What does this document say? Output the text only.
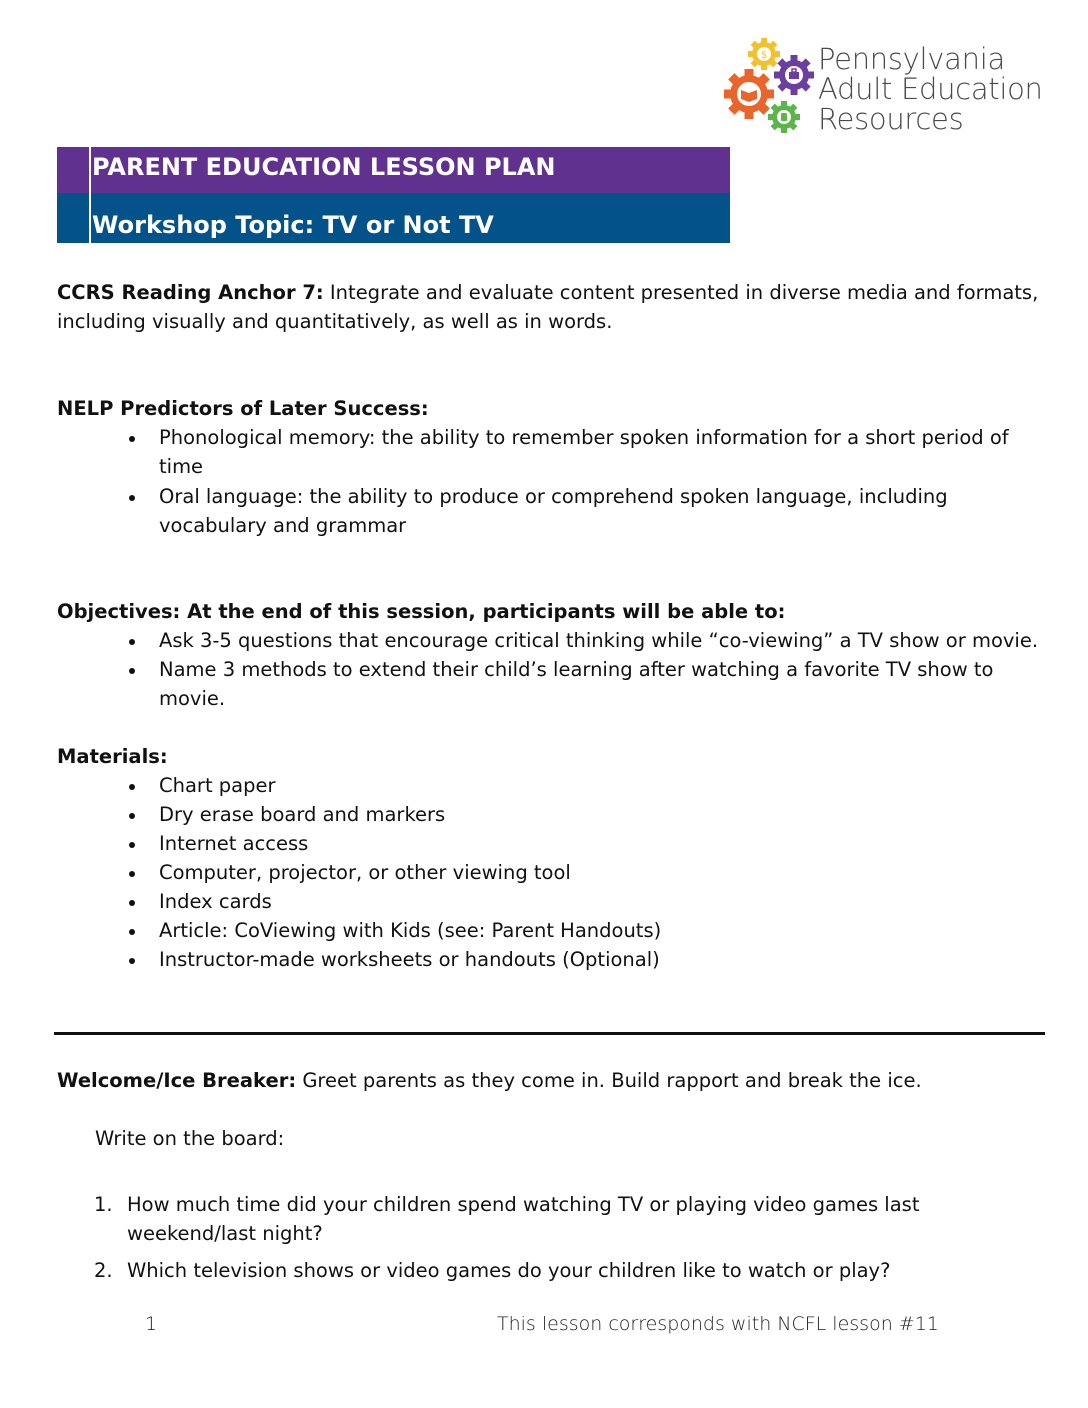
$ Pennsylvania
Adult Education
Resources
PARENT EDUCATION LESSON PLAN
Workshop Topic: TV or Not TV
CCRS Reading Anchor 7: Integrate and evaluate content presented in diverse media and formats, including visually and quantitatively, as well as in words.
NELP Predictors of Later Success:
Phonological memory: the ability to remember spoken information for a short period of time
Oral language: the ability to produce or comprehend spoken language, including vocabulary and grammar
Objectives: At the end of this session, participants will be able to:
Ask 3-5 questions that encourage critical thinking while “co-viewing” a TV show or movie.
Name 3 methods to extend their child’s learning after watching a favorite TV show to movie.
Materials:
Chart paper
Dry erase board and markers
Internet access
Computer, projector, or other viewing tool
Index cards
Article: CoViewing with Kids (see: Parent Handouts)
Instructor-made worksheets or handouts (Optional)
Welcome/Ice Breaker: Greet parents as they come in. Build rapport and break the ice.
Write on the board:
1. How much time did your children spend watching TV or playing video games last weekend/last night?
2. Which television shows or video games do your children like to watch or play?
1	This lesson corresponds with NCFL lesson #11
